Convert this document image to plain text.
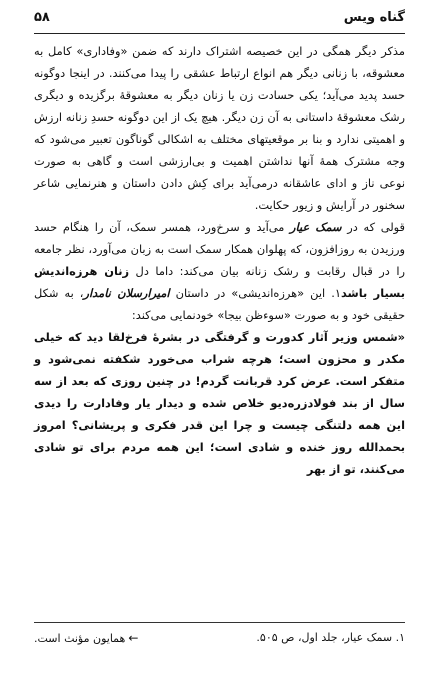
۵۸	گناه ویس

مذکر دیگر همگی در این خصیصه اشتراک دارند که ضمن «وفاداری» کامل به معشوقه، با زنانی دیگر هم انواع ارتباط عشقی را پیدا می‌کنند. در اینجا دوگونه حسد پدید می‌آید؛ یکی حسادت زن یا زنان دیگر به معشوقهٔ برگزیده و دیگری رشک معشوقهٔ داستانی به آن زن دیگر. هیچ یک از این دوگونه حسدِ زنانه ارزش و اهمیتی ندارد و بنا بر موقعیتهای مختلف به اشکالی گوناگون تعبیر می‌شود که وجه مشترک همهٔ آنها نداشتن اهمیت و بی‌ارزشی است و گاهی به صورت نوعی ناز و ادای عاشقانه درمی‌آید برای کِش دادن داستان و هنرنمایی شاعر سخنور در آرایش و زیور حکایت.

قولی که در سمک عیار می‌آید و سرخ‌ورد، همسر سمک، آن را هنگام حسد ورزیدن به روزافزون، که پهلوان همکار سمک است به زبان می‌آورد، نظر جامعه را در قبال رقابت و رشک زنانه بیان می‌کند: داما دل زنان هرزه‌اندیش بسیار باشد۱. این «هرزه‌اندیشی» در داستان امیرارسلان نامدار، به شکل حقیقی خود و به صورت «سوءظن بیجا» خودنمایی می‌کند:

«شمس وزیر آثار کدورت و گرفتگی در بشرهٔ فرخ‌لقا دید که خیلی مکدر و محزون است؛ هرچه شراب می‌خورد شکفته نمی‌شود و متفکر است. عرض کرد قربانت گردم! در چنین روزی که بعد از سه سال از بند فولادزره‌دیو خلاص شده و دیدار یار وفادارت را دیدی این همه دلتنگی چیست و چرا این قدر فکری و پریشانی؟ امروز بحمدالله روز خنده و شادی است؛ این همه مردم برای تو شادی می‌کنند، تو از بهر

۱. سمک عیار، جلد اول، ص ۵۰۵.
←همایون مؤنث است.
